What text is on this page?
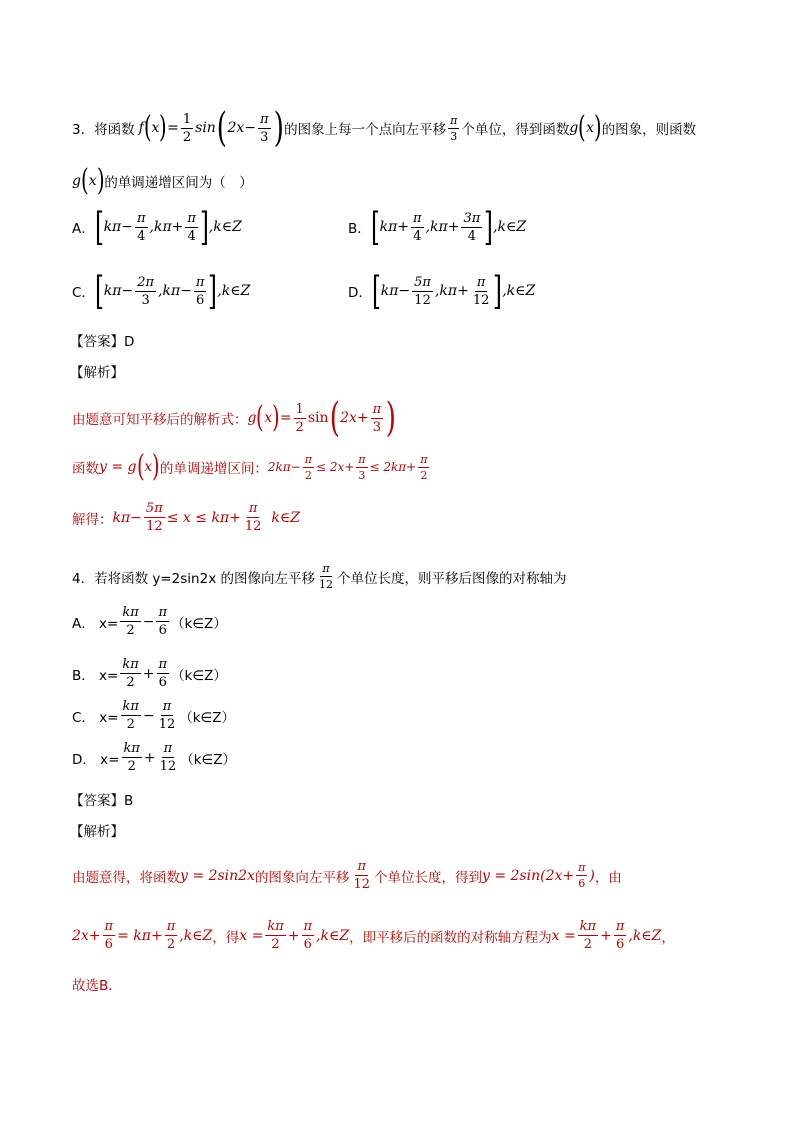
3． 将函数 f ( x ) = $\frac{1}{2}$ sin ( $2x - \frac{\pi}{3}$ ) 的图象上每一个点向左平移 $\frac{\pi}{3}$ 个单位，得到函数 g ( x ) 的图象，则函数
g ( x ) 的单调递增区间为（　）
A． [ $k\pi- \frac{\pi}{4} ,k\pi+ \frac{\pi}{4}$ ] ,k∈Z	B． [ $k\pi+ \frac{\pi}{4} ,k\pi+ \frac{3\pi}{4}$ ] ,k∈Z
C． [ $k\pi- \frac{2\pi}{3} ,k\pi- \frac{\pi}{6}$ ] ,k∈Z	D． [ $k\pi- \frac{5\pi}{12} ,k\pi+ \frac{\pi}{12}$ ] ,k∈Z
【答案】D
【解析】
由题意可知平移后的解析式： g ( x ) = $\frac{1}{2}$ sin ( $2x+ \frac{\pi}{3}$ )
函数 y = g ( x ) 的单调递增区间： $2k\pi- \frac{\pi}{2} \le 2x+ \frac{\pi}{3} \le 2k\pi+ \frac{\pi}{2}$
解得： $k\pi- \frac{5\pi}{12} \le x \le k\pi+ \frac{\pi}{12}$ k∈Z
4． 若将函数 y=2sin2x 的图像向左平移 $\frac{\pi}{12}$ 个单位长度，则平移后图像的对称轴为
A． $x= \frac{k\pi}{2} - \frac{\pi}{6}$ （k∈Z）
B． $x= \frac{k\pi}{2} + \frac{\pi}{6}$ （k∈Z）
C． $x= \frac{k\pi}{2} - \frac{\pi}{12}$ （k∈Z）
D． $x= \frac{k\pi}{2} + \frac{\pi}{12}$ （k∈Z）
【答案】B
【解析】
由题意得，将函数 y = 2sin2x 的图象向左平移 $\frac{\pi}{12}$ 个单位长度，得到 $y = 2\sin(2x+ \frac{\pi}{6}$ ) ，由
$2x+ \frac{\pi}{6} = k\pi+ \frac{\pi}{2}$ ,k∈Z ，得 $x = \frac{k\pi}{2} + \frac{\pi}{6}$ ,k∈Z ，即平移后的函数的对称轴方程为 $x = \frac{k\pi}{2} + \frac{\pi}{6}$ ,k∈Z ，
故选B．
